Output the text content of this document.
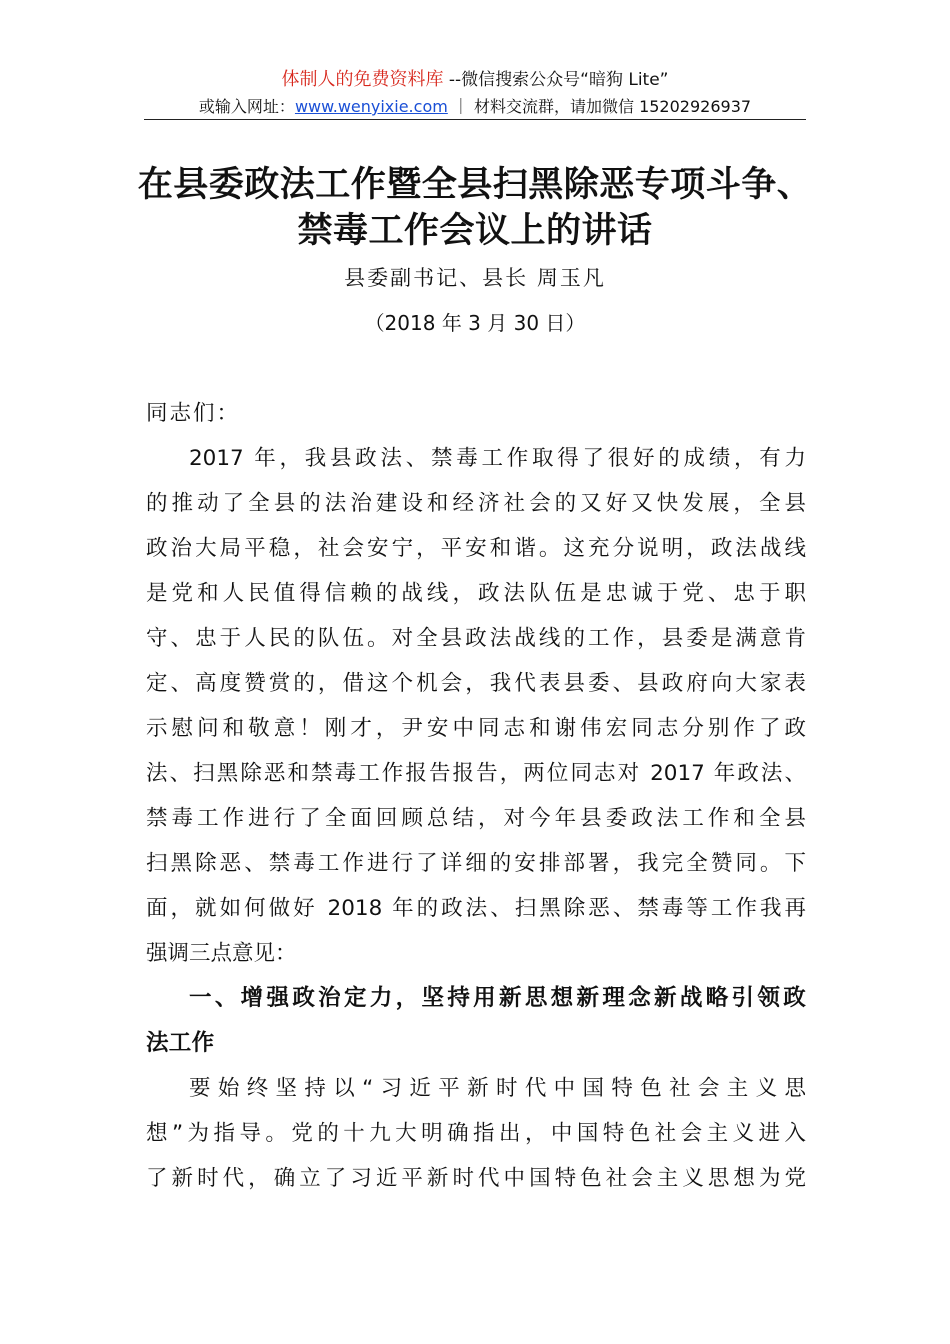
体制人的免费资料库 --微信搜索公众号“暗狗 Lite”
或输入网址：www.wenyixie.com ｜ 材料交流群，请加微信 15202926937
在县委政法工作暨全县扫黑除恶专项斗争、
禁毒工作会议上的讲话
县委副书记、县长 周玉凡
（2018 年 3 月 30 日）
同志们：
2017 年，我县政法、禁毒工作取得了很好的成绩，有力
的推动了全县的法治建设和经济社会的又好又快发展，全县
政治大局平稳，社会安宁，平安和谐。这充分说明，政法战线
是党和人民值得信赖的战线，政法队伍是忠诚于党、忠于职
守、忠于人民的队伍。对全县政法战线的工作，县委是满意肯
定、高度赞赏的，借这个机会，我代表县委、县政府向大家表
示慰问和敬意！刚才，尹安中同志和谢伟宏同志分别作了政
法、扫黑除恶和禁毒工作报告报告，两位同志对 2017 年政法、
禁毒工作进行了全面回顾总结，对今年县委政法工作和全县
扫黑除恶、禁毒工作进行了详细的安排部署，我完全赞同。下
面，就如何做好 2018 年的政法、扫黑除恶、禁毒等工作我再
强调三点意见：
一、增强政治定力，坚持用新思想新理念新战略引领政
法工作
要始终坚持以“习近平新时代中国特色社会主义思
想”为指导。党的十九大明确指出，中国特色社会主义进入
了新时代，确立了习近平新时代中国特色社会主义思想为党
